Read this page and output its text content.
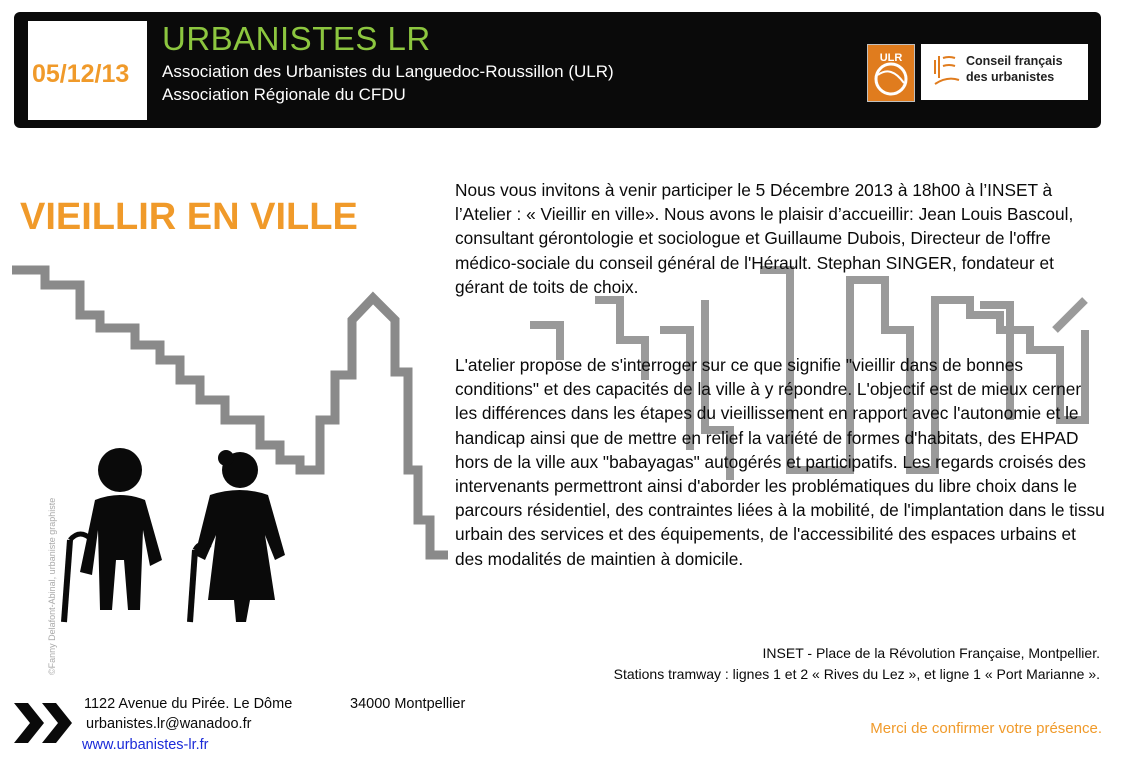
05/12/13
URBANISTES LR
Association des Urbanistes du Languedoc-Roussillon (ULR)
Association Régionale du CFDU
ULR	Conseil français
des urbanistes
VIEILLIR EN VILLE
©Fanny Delafont-Abinal, urbaniste graphiste
Nous vous invitons à venir participer le 5 Décembre 2013 à 18h00 à l’INSET à l’Atelier : « Vieillir en ville». Nous avons le plaisir d’accueillir: Jean Louis Bascoul, consultant gérontologie et sociologue et Guillaume Dubois, Directeur de l'offre médico-sociale du conseil général de l'Hérault. Stephan SINGER, fondateur et gérant de toits de choix.
L'atelier propose de s'interroger sur ce que signifie "vieillir dans de bonnes conditions" et des capacités de la ville à y répondre. L'objectif est de mieux cerner les différences dans les étapes du vieillissement en rapport avec l'autonomie et le handicap ainsi que de mettre en relief la variété de formes d'habitats, des EHPAD hors de la ville aux "babayagas" autogérés et participatifs. Les regards croisés des intervenants permettront ainsi d'aborder les problématiques du libre choix dans le parcours résidentiel, des contraintes liées à la mobilité, de l'implantation dans le tissu urbain des services et des équipements, de l'accessibilité des espaces urbains et des modalités de maintien à domicile.
INSET - Place de la Révolution Française, Montpellier.
Stations tramway : lignes 1 et 2 « Rives du Lez », et ligne 1 « Port Marianne ».
1122 Avenue du Pirée. Le Dôme	34000 Montpellier
urbanistes.lr@wanadoo.fr
www.urbanistes-lr.fr
Merci de confirmer votre présence.
